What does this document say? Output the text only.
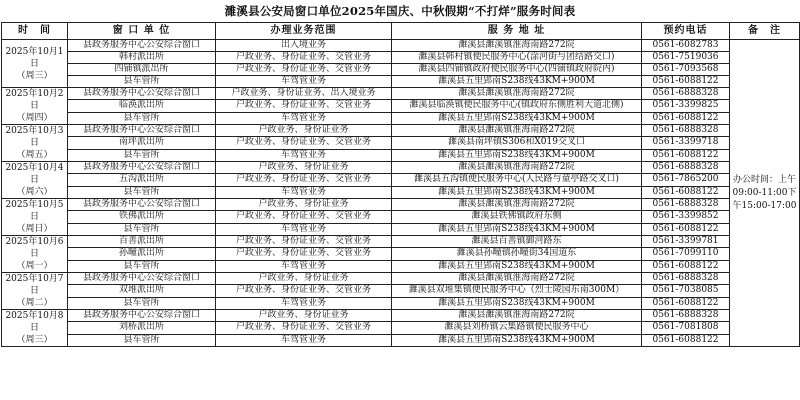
濉溪县公安局窗口单位2025年国庆、中秋假期“不打烊”服务时间表
时　间	窗 口 单 位	办理业务范围	服 务 地 址	预约电话	备　注
2025年10月1日
（周三）	县政务服务中心公安综合窗口	出入境业务	濉溪县濉溪镇淮海南路272院	0561-6082783	办公时间：上午09:00-11:00下午15:00-17:00
	韩村派出所	户政业务、身份证业务、交管业务	濉溪县韩村镇便民服务中心(涂河街与团结路交口)	0561-7519036	
	四铺镇派出所	户政业务、身份证业务、交管业务	濉溪县四铺镇政府便民服务中心(四铺镇政府院内)	0561-7093568	
	县车管所	车驾管业务	濉溪县五里郢南S238线43KM+900M	0561-6088122	
2025年10月2日
（周四）	县政务服务中心公安综合窗口	户政业务、身份证业务、出入境业务	濉溪县濉溪镇淮海南路272院	0561-6888328	
	临涣派出所	户政业务、身份证业务、交管业务	濉溪县临涣镇便民服务中心(镇政府东侧胜利大道北侧)	0561-3399825	
	县车管所	车驾管业务	濉溪县五里郢南S238线43KM+900M	0561-6088122	
2025年10月3日
（周五）	县政务服务中心公安综合窗口	户政业务、身份证业务	濉溪县濉溪镇淮海南路272院	0561-6888328	
	南坪派出所	户政业务、身份证业务、交管业务	濉溪县南坪镇S306和X019交叉口	0561-3399718	
	县车管所	车驾管业务	濉溪县五里郢南S238线43KM+900M	0561-6088122	
2025年10月4日
（周六）	县政务服务中心公安综合窗口	户政业务、身份证业务	濉溪县濉溪镇淮海南路272院	0561-6888328	
	五沟派出所	户政业务、身份证业务、交管业务	濉溪县五沟镇便民服务中心(人民路与童亭路交叉口)	0561-7865200	
	县车管所	车驾管业务	濉溪县五里郢南S238线43KM+900M	0561-6088122	
2025年10月5日
（周日）	县政务服务中心公安综合窗口	户政业务、身份证业务	濉溪县濉溪镇淮海南路272院	0561-6888328	
	铁佛派出所	户政业务、身份证业务、交管业务	濉溪县铁佛镇政府东侧	0561-3399852	
	县车管所	车驾管业务	濉溪县五里郢南S238线43KM+900M	0561-6088122	
2025年10月6日
（周一）	百善派出所	户政业务、身份证业务、交管业务	濉溪县百善镇御河路东	0561-3399781	
	孙疃派出所	户政业务、身份证业务、交管业务	濉溪县孙疃镇孙疃街34国道东	0561-7099110	
	县车管所	车驾管业务	濉溪县五里郢南S238线43KM+900M	0561-6088122	
2025年10月7日
（周二）	县政务服务中心公安综合窗口	户政业务、身份证业务	濉溪县濉溪镇淮海南路272院	0561-6888328	
	双堆派出所	户政业务、身份证业务、交管业务	濉溪县双堆集镇便民服务中心（烈士陵园东南300M）	0561-7038085	
	县车管所	车驾管业务	濉溪县五里郢南S238线43KM+900M	0561-6088122	
2025年10月8日
（周三）	县政务服务中心公安综合窗口	户政业务、身份证业务	濉溪县濉溪镇淮海南路272院	0561-6888328	
	刘桥派出所	户政业务、身份证业务、交管业务	濉溪县刘桥镇云集路镇便民服务中心	0561-7081808	
	县车管所	车驾管业务	濉溪县五里郢南S238线43KM+900M	0561-6088122	
